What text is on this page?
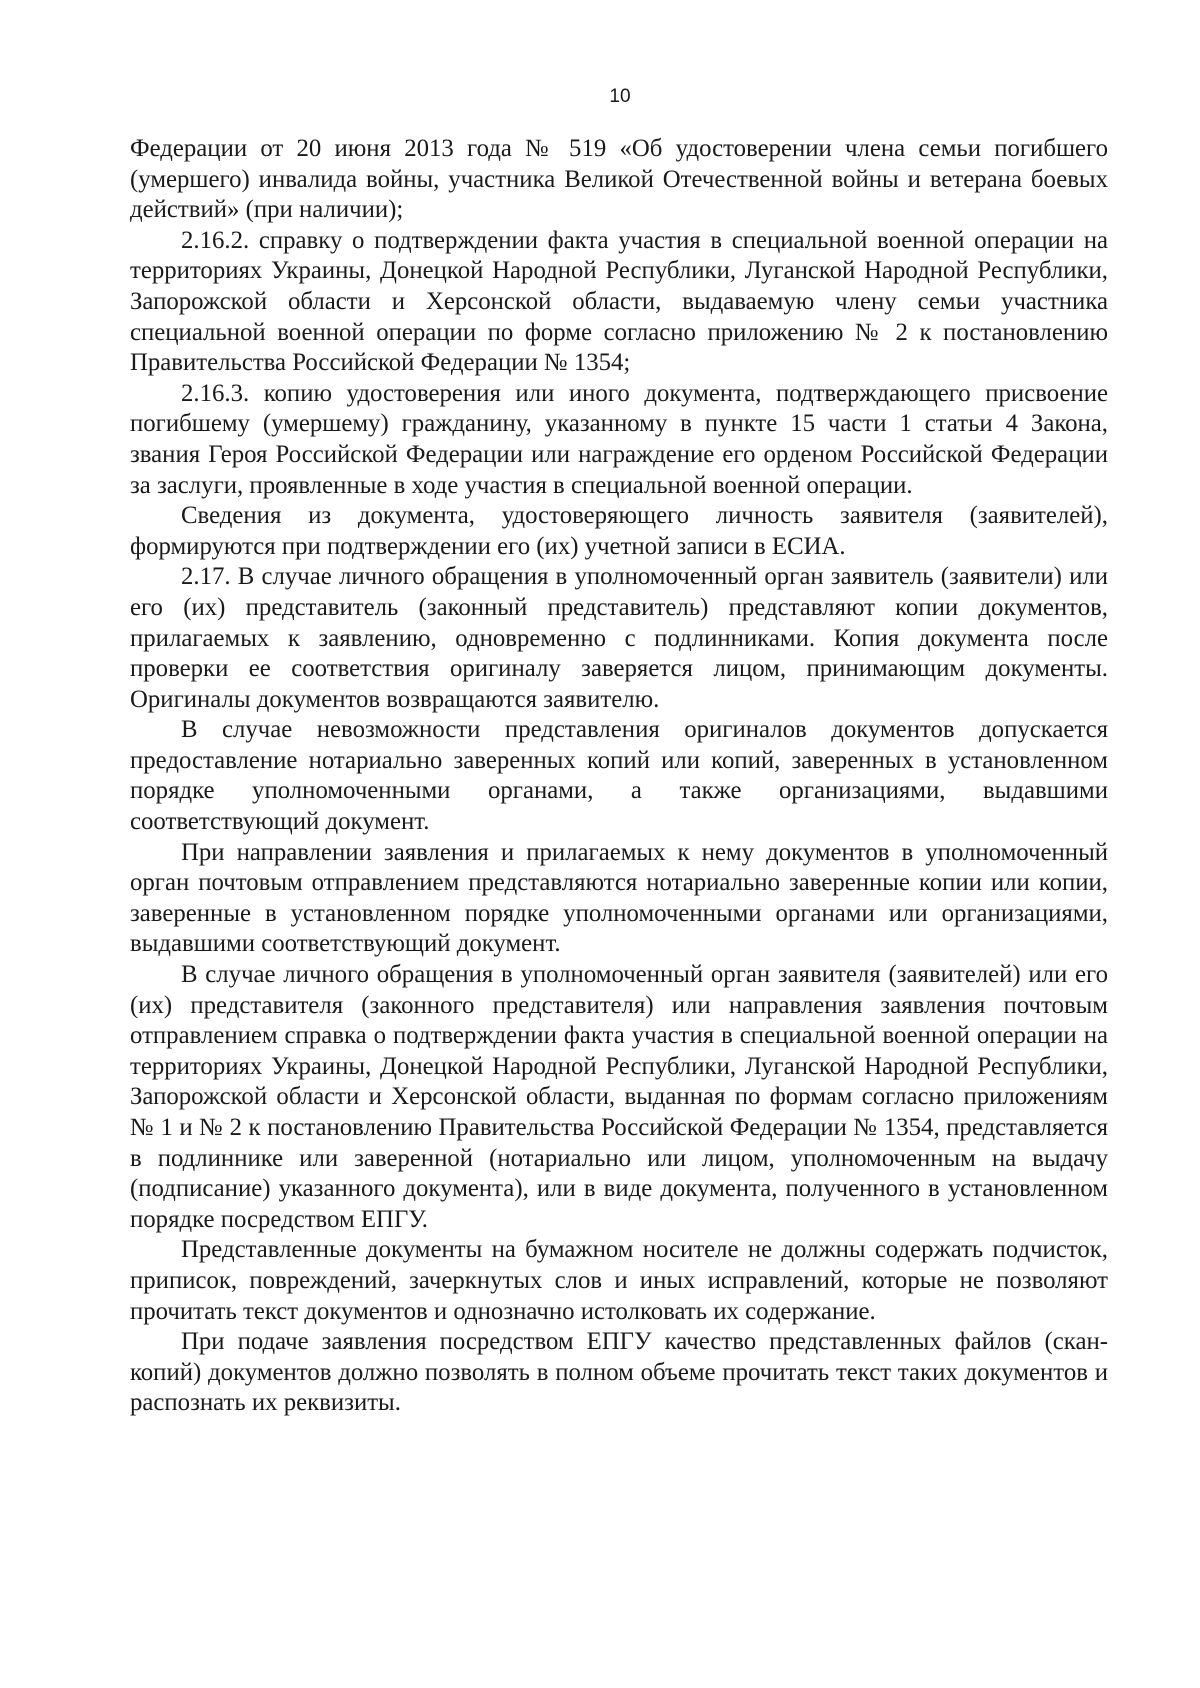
10

Федерации от 20 июня 2013 года № 519 «Об удостоверении члена семьи погибшего (умершего) инвалида войны, участника Великой Отечественной войны и ветерана боевых действий» (при наличии);

2.16.2. справку о подтверждении факта участия в специальной военной операции на территориях Украины, Донецкой Народной Республики, Луганской Народной Республики, Запорожской области и Херсонской области, выдаваемую члену семьи участника специальной военной операции по форме согласно приложению № 2 к постановлению Правительства Российской Федерации № 1354;

2.16.3. копию удостоверения или иного документа, подтверждающего присвоение погибшему (умершему) гражданину, указанному в пункте 15 части 1 статьи 4 Закона, звания Героя Российской Федерации или награждение его орденом Российской Федерации за заслуги, проявленные в ходе участия в специальной военной операции.

Сведения из документа, удостоверяющего личность заявителя (заявителей), формируются при подтверждении его (их) учетной записи в ЕСИА.

2.17. В случае личного обращения в уполномоченный орган заявитель (заявители) или его (их) представитель (законный представитель) представляют копии документов, прилагаемых к заявлению, одновременно с подлинниками. Копия документа после проверки ее соответствия оригиналу заверяется лицом, принимающим документы. Оригиналы документов возвращаются заявителю.

В случае невозможности представления оригиналов документов допускается предоставление нотариально заверенных копий или копий, заверенных в установленном порядке уполномоченными органами, а также организациями, выдавшими соответствующий документ.

При направлении заявления и прилагаемых к нему документов в уполномоченный орган почтовым отправлением представляются нотариально заверенные копии или копии, заверенные в установленном порядке уполномоченными органами или организациями, выдавшими соответствующий документ.

В случае личного обращения в уполномоченный орган заявителя (заявителей) или его (их) представителя (законного представителя) или направления заявления почтовым отправлением справка о подтверждении факта участия в специальной военной операции на территориях Украины, Донецкой Народной Республики, Луганской Народной Республики, Запорожской области и Херсонской области, выданная по формам согласно приложениям № 1 и № 2 к постановлению Правительства Российской Федерации № 1354, представляется в подлиннике или заверенной (нотариально или лицом, уполномоченным на выдачу (подписание) указанного документа), или в виде документа, полученного в установленном порядке посредством ЕПГУ.

Представленные документы на бумажном носителе не должны содержать подчисток, приписок, повреждений, зачеркнутых слов и иных исправлений, которые не позволяют прочитать текст документов и однозначно истолковать их содержание.

При подаче заявления посредством ЕПГУ качество представленных файлов (скан-копий) документов должно позволять в полном объеме прочитать текст таких документов и распознать их реквизиты.
